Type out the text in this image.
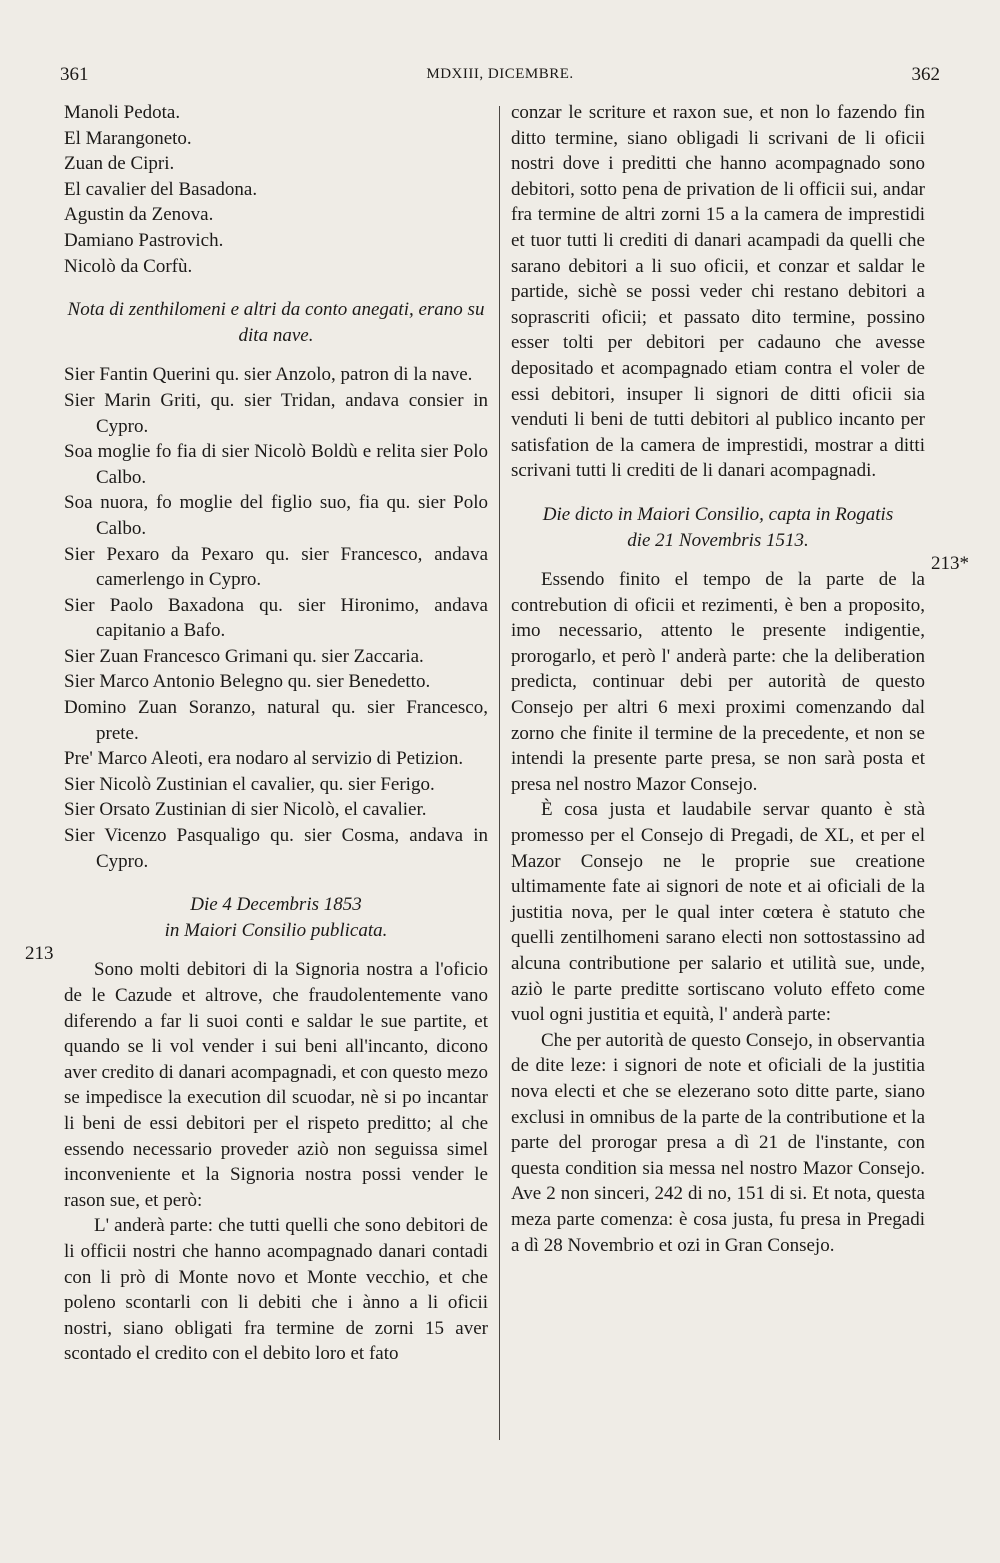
361	MDXIII, DICEMBRE.	362
213
213*

Manoli Pedota.

El Marangoneto.

Zuan de Cipri.

El cavalier del Basadona.

Agustin da Zenova.

Damiano Pastrovich.

Nicolò da Corfù.

Nota di zenthilomeni e altri da conto anegati, erano su dita nave.

Sier Fantin Querini qu. sier Anzolo, patron di la nave.

Sier Marin Griti, qu. sier Tridan, andava consier in Cypro.

Soa moglie fo fia di sier Nicolò Boldù e relita sier Polo Calbo.

Soa nuora, fo moglie del figlio suo, fia qu. sier Polo Calbo.

Sier Pexaro da Pexaro qu. sier Francesco, andava camerlengo in Cypro.

Sier Paolo Baxadona qu. sier Hironimo, andava capitanio a Bafo.

Sier Zuan Francesco Grimani qu. sier Zaccaria.

Sier Marco Antonio Belegno qu. sier Benedetto.

Domino Zuan Soranzo, natural qu. sier Francesco, prete.

Pre' Marco Aleoti, era nodaro al servizio di Petizion.

Sier Nicolò Zustinian el cavalier, qu. sier Ferigo.

Sier Orsato Zustinian di sier Nicolò, el cavalier.

Sier Vicenzo Pasqualigo qu. sier Cosma, andava in Cypro.

Die 4 Decembris 1853

in Maiori Consilio publicata.

Sono molti debitori di la Signoria nostra a l'oficio de le Cazude et altrove, che fraudolentemente vano diferendo a far li suoi conti e saldar le sue partite, et quando se li vol vender i sui beni all'incanto, dicono aver credito di danari acompagnadi, et con questo mezo se impedisce la execution dil scuodar, nè si po incantar li beni de essi debitori per el rispeto preditto; al che essendo necessario proveder aziò non seguissa simel inconveniente et la Signoria nostra possi vender le rason sue, et però:

L' anderà parte: che tutti quelli che sono debitori de li officii nostri che hanno acompagnado danari contadi con li prò di Monte novo et Monte vecchio, et che poleno scontarli con li debiti che i ànno a li oficii nostri, siano obligati fra termine de zorni 15 aver scontado el credito con el debito loro et fato

conzar le scriture et raxon sue, et non lo fazendo fin ditto termine, siano obligadi li scrivani de li oficii nostri dove i preditti che hanno acompagnado sono debitori, sotto pena de privation de li officii sui, andar fra termine de altri zorni 15 a la camera de imprestidi et tuor tutti li crediti di danari acampadi da quelli che sarano debitori a li suo oficii, et conzar et saldar le partide, sichè se possi veder chi restano debitori a soprascriti oficii; et passato dito termine, possino esser tolti per debitori per cadauno che avesse depositado et acompagnado etiam contra el voler de essi debitori, insuper li signori de ditti oficii sia venduti li beni de tutti debitori al publico incanto per satisfation de la camera de imprestidi, mostrar a ditti scrivani tutti li crediti de li danari acompagnadi.

Die dicto in Maiori Consilio, capta in Rogatis

die 21 Novembris 1513.

Essendo finito el tempo de la parte de la contrebution di oficii et rezimenti, è ben a proposito, imo necessario, attento le presente indigentie, prorogarlo, et però l' anderà parte: che la deliberation predicta, continuar debi per autorità de questo Consejo per altri 6 mexi proximi comenzando dal zorno che finite il termine de la precedente, et non se intendi la presente parte presa, se non sarà posta et presa nel nostro Mazor Consejo.

È cosa justa et laudabile servar quanto è stà promesso per el Consejo di Pregadi, de XL, et per el Mazor Consejo ne le proprie sue creatione ultimamente fate ai signori de note et ai oficiali de la justitia nova, per le qual inter cœtera è statuto che quelli zentilhomeni sarano electi non sottostassino ad alcuna contributione per salario et utilità sue, unde, aziò le parte preditte sortiscano voluto effeto come vuol ogni justitia et equità, l' anderà parte:

Che per autorità de questo Consejo, in observantia de dite leze: i signori de note et oficiali de la justitia nova electi et che se elezerano soto ditte parte, siano exclusi in omnibus de la parte de la contributione et la parte del prorogar presa a dì 21 de l'instante, con questa condition sia messa nel nostro Mazor Consejo. Ave 2 non sinceri, 242 di no, 151 di si. Et nota, questa meza parte comenza: è cosa justa, fu presa in Pregadi a dì 28 Novembrio et ozi in Gran Consejo.
